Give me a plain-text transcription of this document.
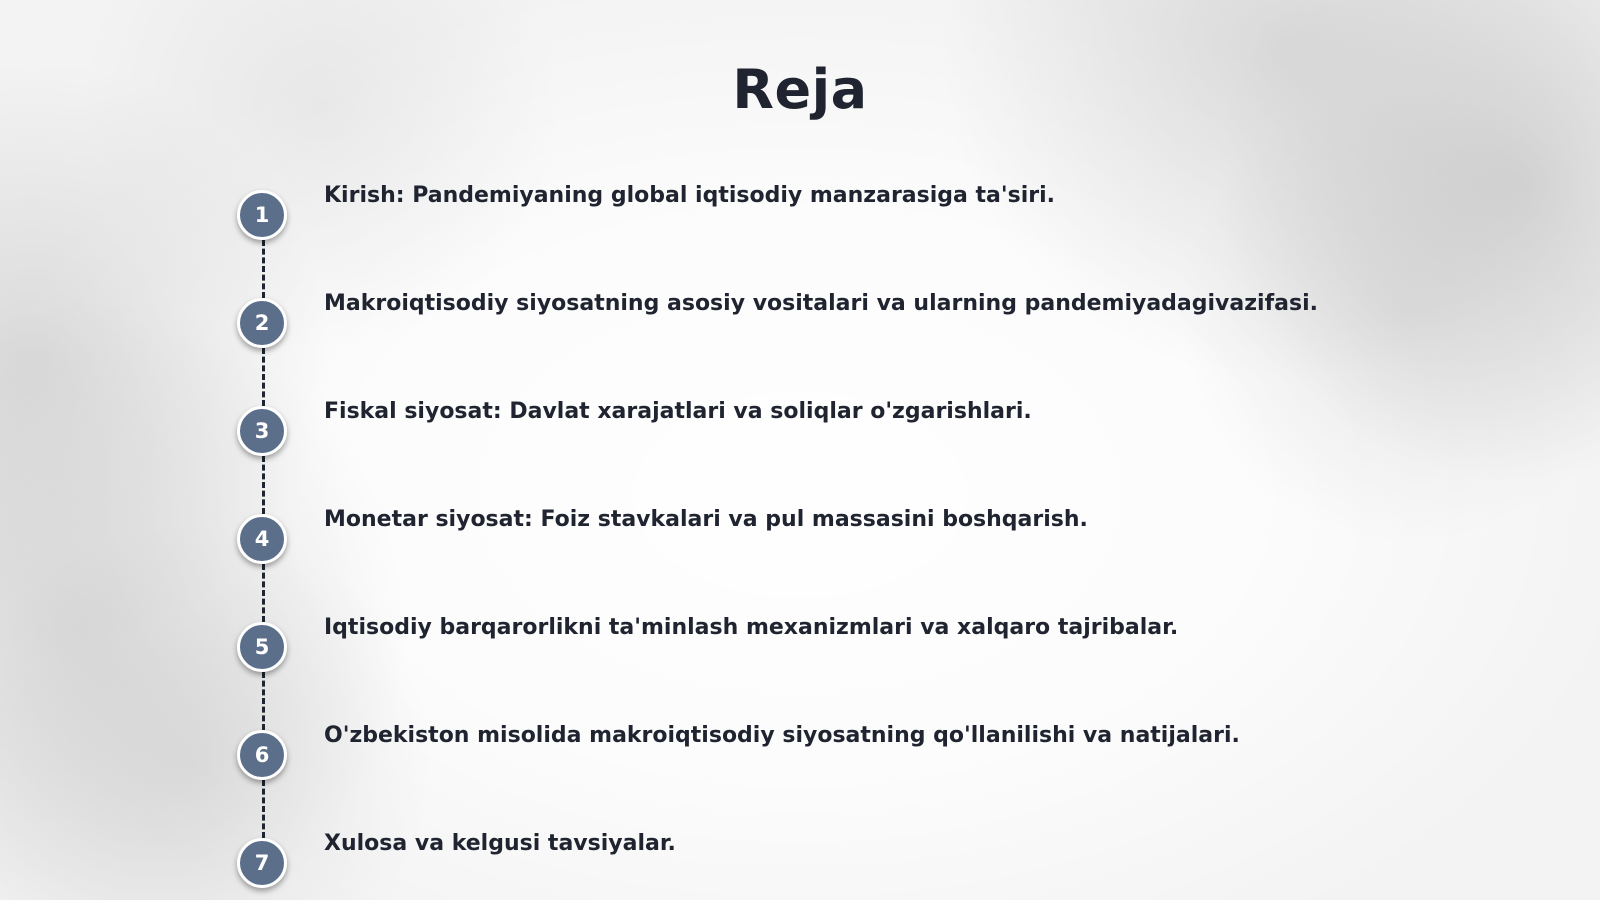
Reja
1
Kirish: Pandemiyaning global iqtisodiy manzarasiga ta'siri.
2
Makroiqtisodiy siyosatning asosiy vositalari va ularning pandemiyadagivazifasi.
3
Fiskal siyosat: Davlat xarajatlari va soliqlar o'zgarishlari.
4
Monetar siyosat: Foiz stavkalari va pul massasini boshqarish.
5
Iqtisodiy barqarorlikni ta'minlash mexanizmlari va xalqaro tajribalar.
6
O'zbekiston misolida makroiqtisodiy siyosatning qo'llanilishi va natijalari.
7
Xulosa va kelgusi tavsiyalar.
